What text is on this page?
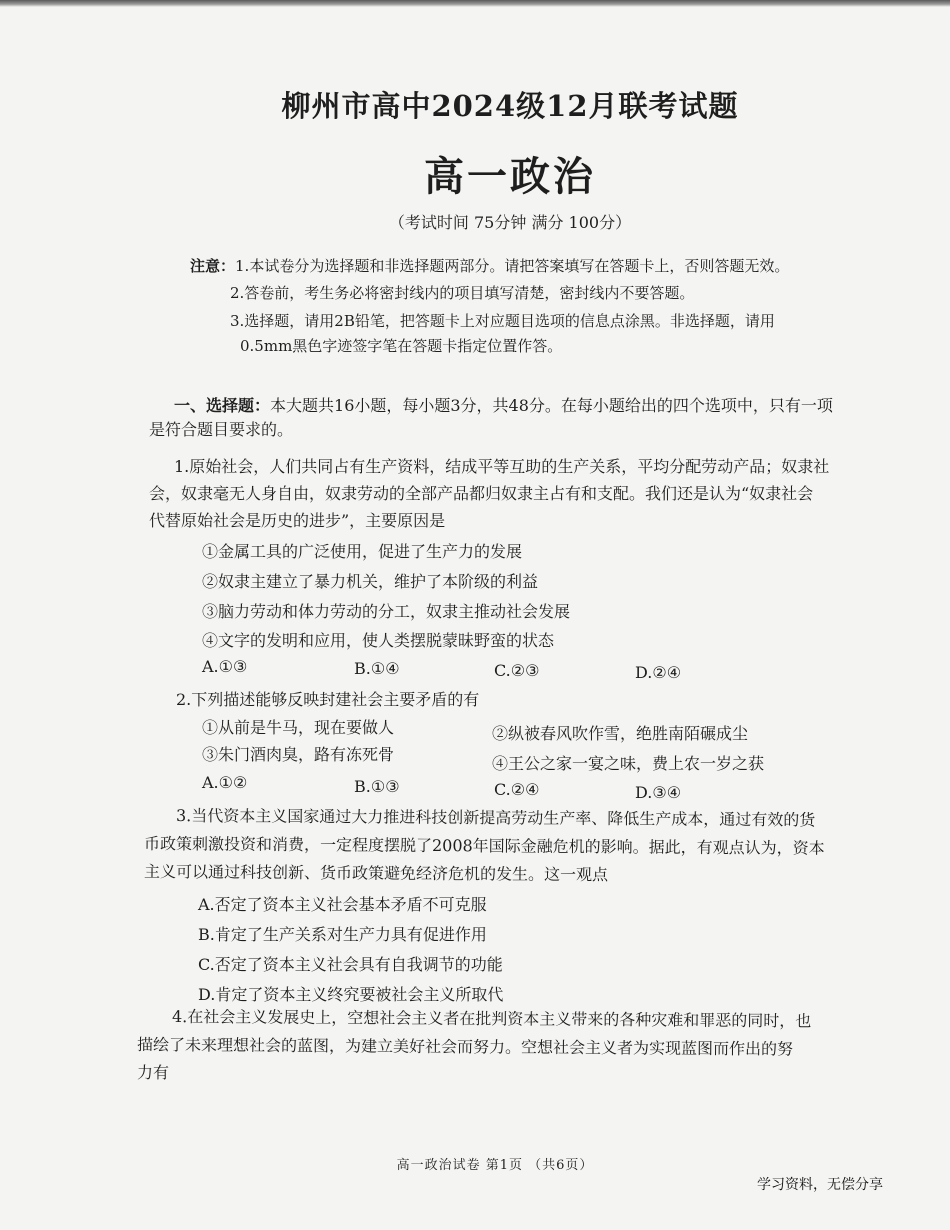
柳州市高中2024级12月联考试题
高一政治
（考试时间 75分钟 满分 100分）
注意：1.本试卷分为选择题和非选择题两部分。请把答案填写在答题卡上，否则答题无效。
2.答卷前，考生务必将密封线内的项目填写清楚，密封线内不要答题。
3.选择题，请用2B铅笔，把答题卡上对应题目选项的信息点涂黑。非选择题，请用
0.5mm黑色字迹签字笔在答题卡指定位置作答。
一、选择题：本大题共16小题，每小题3分，共48分。在每小题给出的四个选项中，只有一项
是符合题目要求的。
1.原始社会，人们共同占有生产资料，结成平等互助的生产关系，平均分配劳动产品；奴隶社
会，奴隶毫无人身自由，奴隶劳动的全部产品都归奴隶主占有和支配。我们还是认为“奴隶社会
代替原始社会是历史的进步”，主要原因是
①金属工具的广泛使用，促进了生产力的发展
②奴隶主建立了暴力机关，维护了本阶级的利益
③脑力劳动和体力劳动的分工，奴隶主推动社会发展
④文字的发明和应用，使人类摆脱蒙昧野蛮的状态
A.①③	B.①④	C.②③	D.②④
2.下列描述能够反映封建社会主要矛盾的有
①从前是牛马，现在要做人	②纵被春风吹作雪，绝胜南陌碾成尘
③朱门酒肉臭，路有冻死骨	④王公之家一宴之味，费上农一岁之获
A.①②	B.①③	C.②④	D.③④
3.当代资本主义国家通过大力推进科技创新提高劳动生产率、降低生产成本，通过有效的货
币政策刺激投资和消费，一定程度摆脱了2008年国际金融危机的影响。据此，有观点认为，资本
主义可以通过科技创新、货币政策避免经济危机的发生。这一观点
A.否定了资本主义社会基本矛盾不可克服
B.肯定了生产关系对生产力具有促进作用
C.否定了资本主义社会具有自我调节的功能
D.肯定了资本主义终究要被社会主义所取代
4.在社会主义发展史上，空想社会主义者在批判资本主义带来的各种灾难和罪恶的同时，也
描绘了未来理想社会的蓝图，为建立美好社会而努力。空想社会主义者为实现蓝图而作出的努
力有
高一政治试卷 第1页 （共6页）
学习资料，无偿分享
